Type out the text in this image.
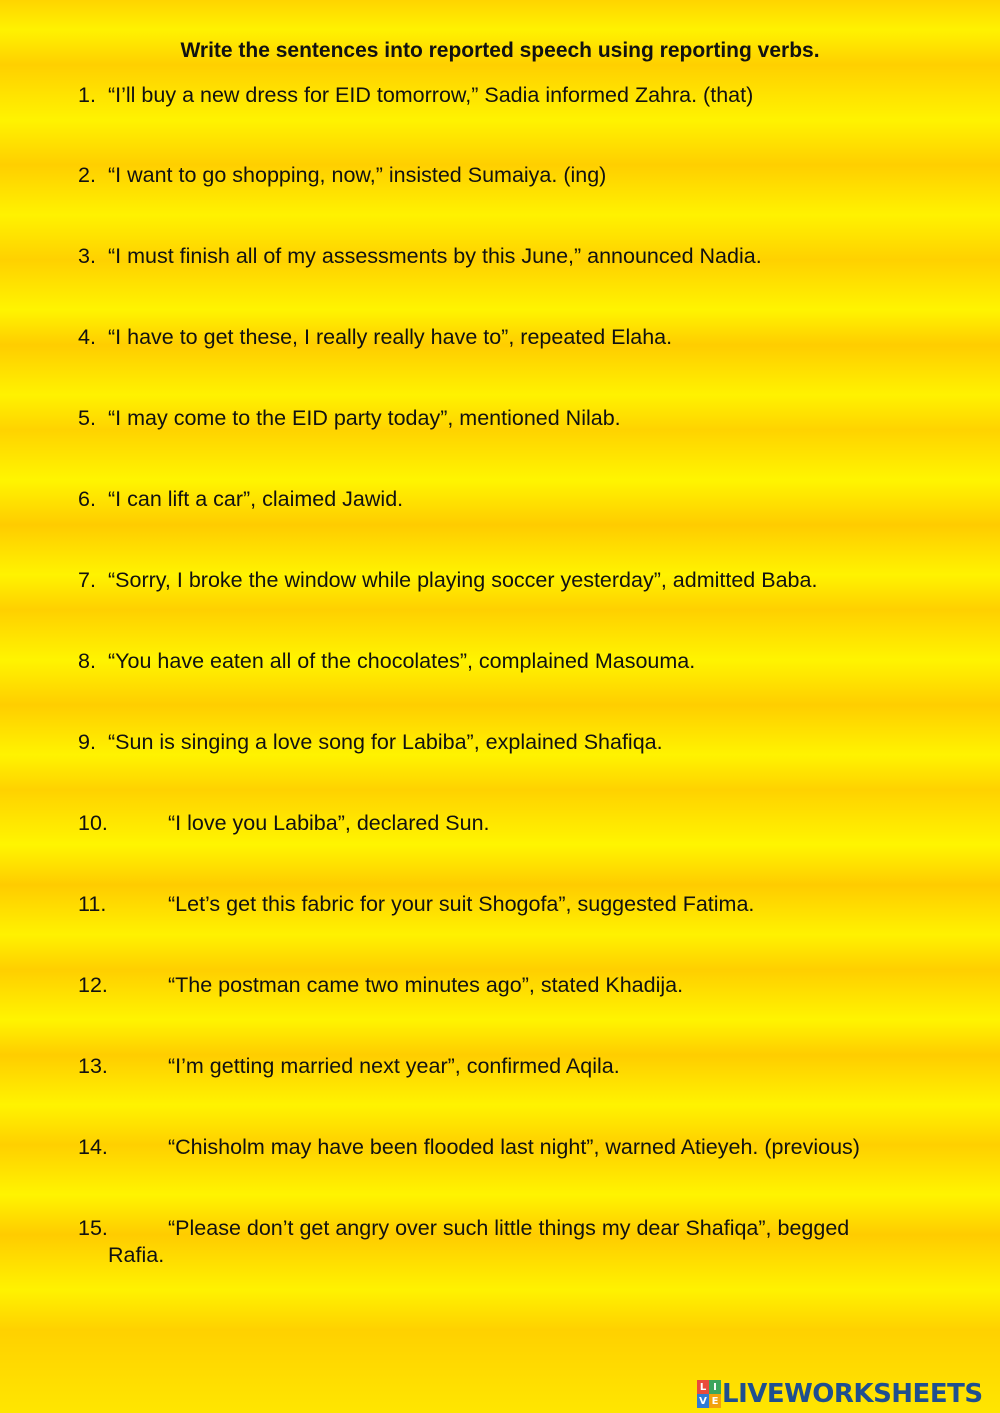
Write the sentences into reported speech using reporting verbs.
1. “I’ll buy a new dress for EID tomorrow,” Sadia informed Zahra. (that)
2. “I want to go shopping, now,” insisted Sumaiya. (ing)
3. “I must finish all of my assessments by this June,” announced Nadia.
4. “I have to get these, I really really have to”, repeated Elaha.
5. “I may come to the EID party today”, mentioned Nilab.
6. “I can lift a car”, claimed Jawid.
7. “Sorry, I broke the window while playing soccer yesterday”, admitted Baba.
8. “You have eaten all of the chocolates”, complained Masouma.
9. “Sun is singing a love song for Labiba”, explained Shafiqa.
10.	“I love you Labiba”, declared Sun.
11.	“Let’s get this fabric for your suit Shogofa”, suggested Fatima.
12.	“The postman came two minutes ago”, stated Khadija.
13.	“I’m getting married next year”, confirmed Aqila.
14.	“Chisholm may have been flooded last night”, warned Atieyeh. (previous)
15.	“Please don’t get angry over such little things my dear Shafiqa”, begged
Rafia.
L I
V E LIVEWORKSHEETS
